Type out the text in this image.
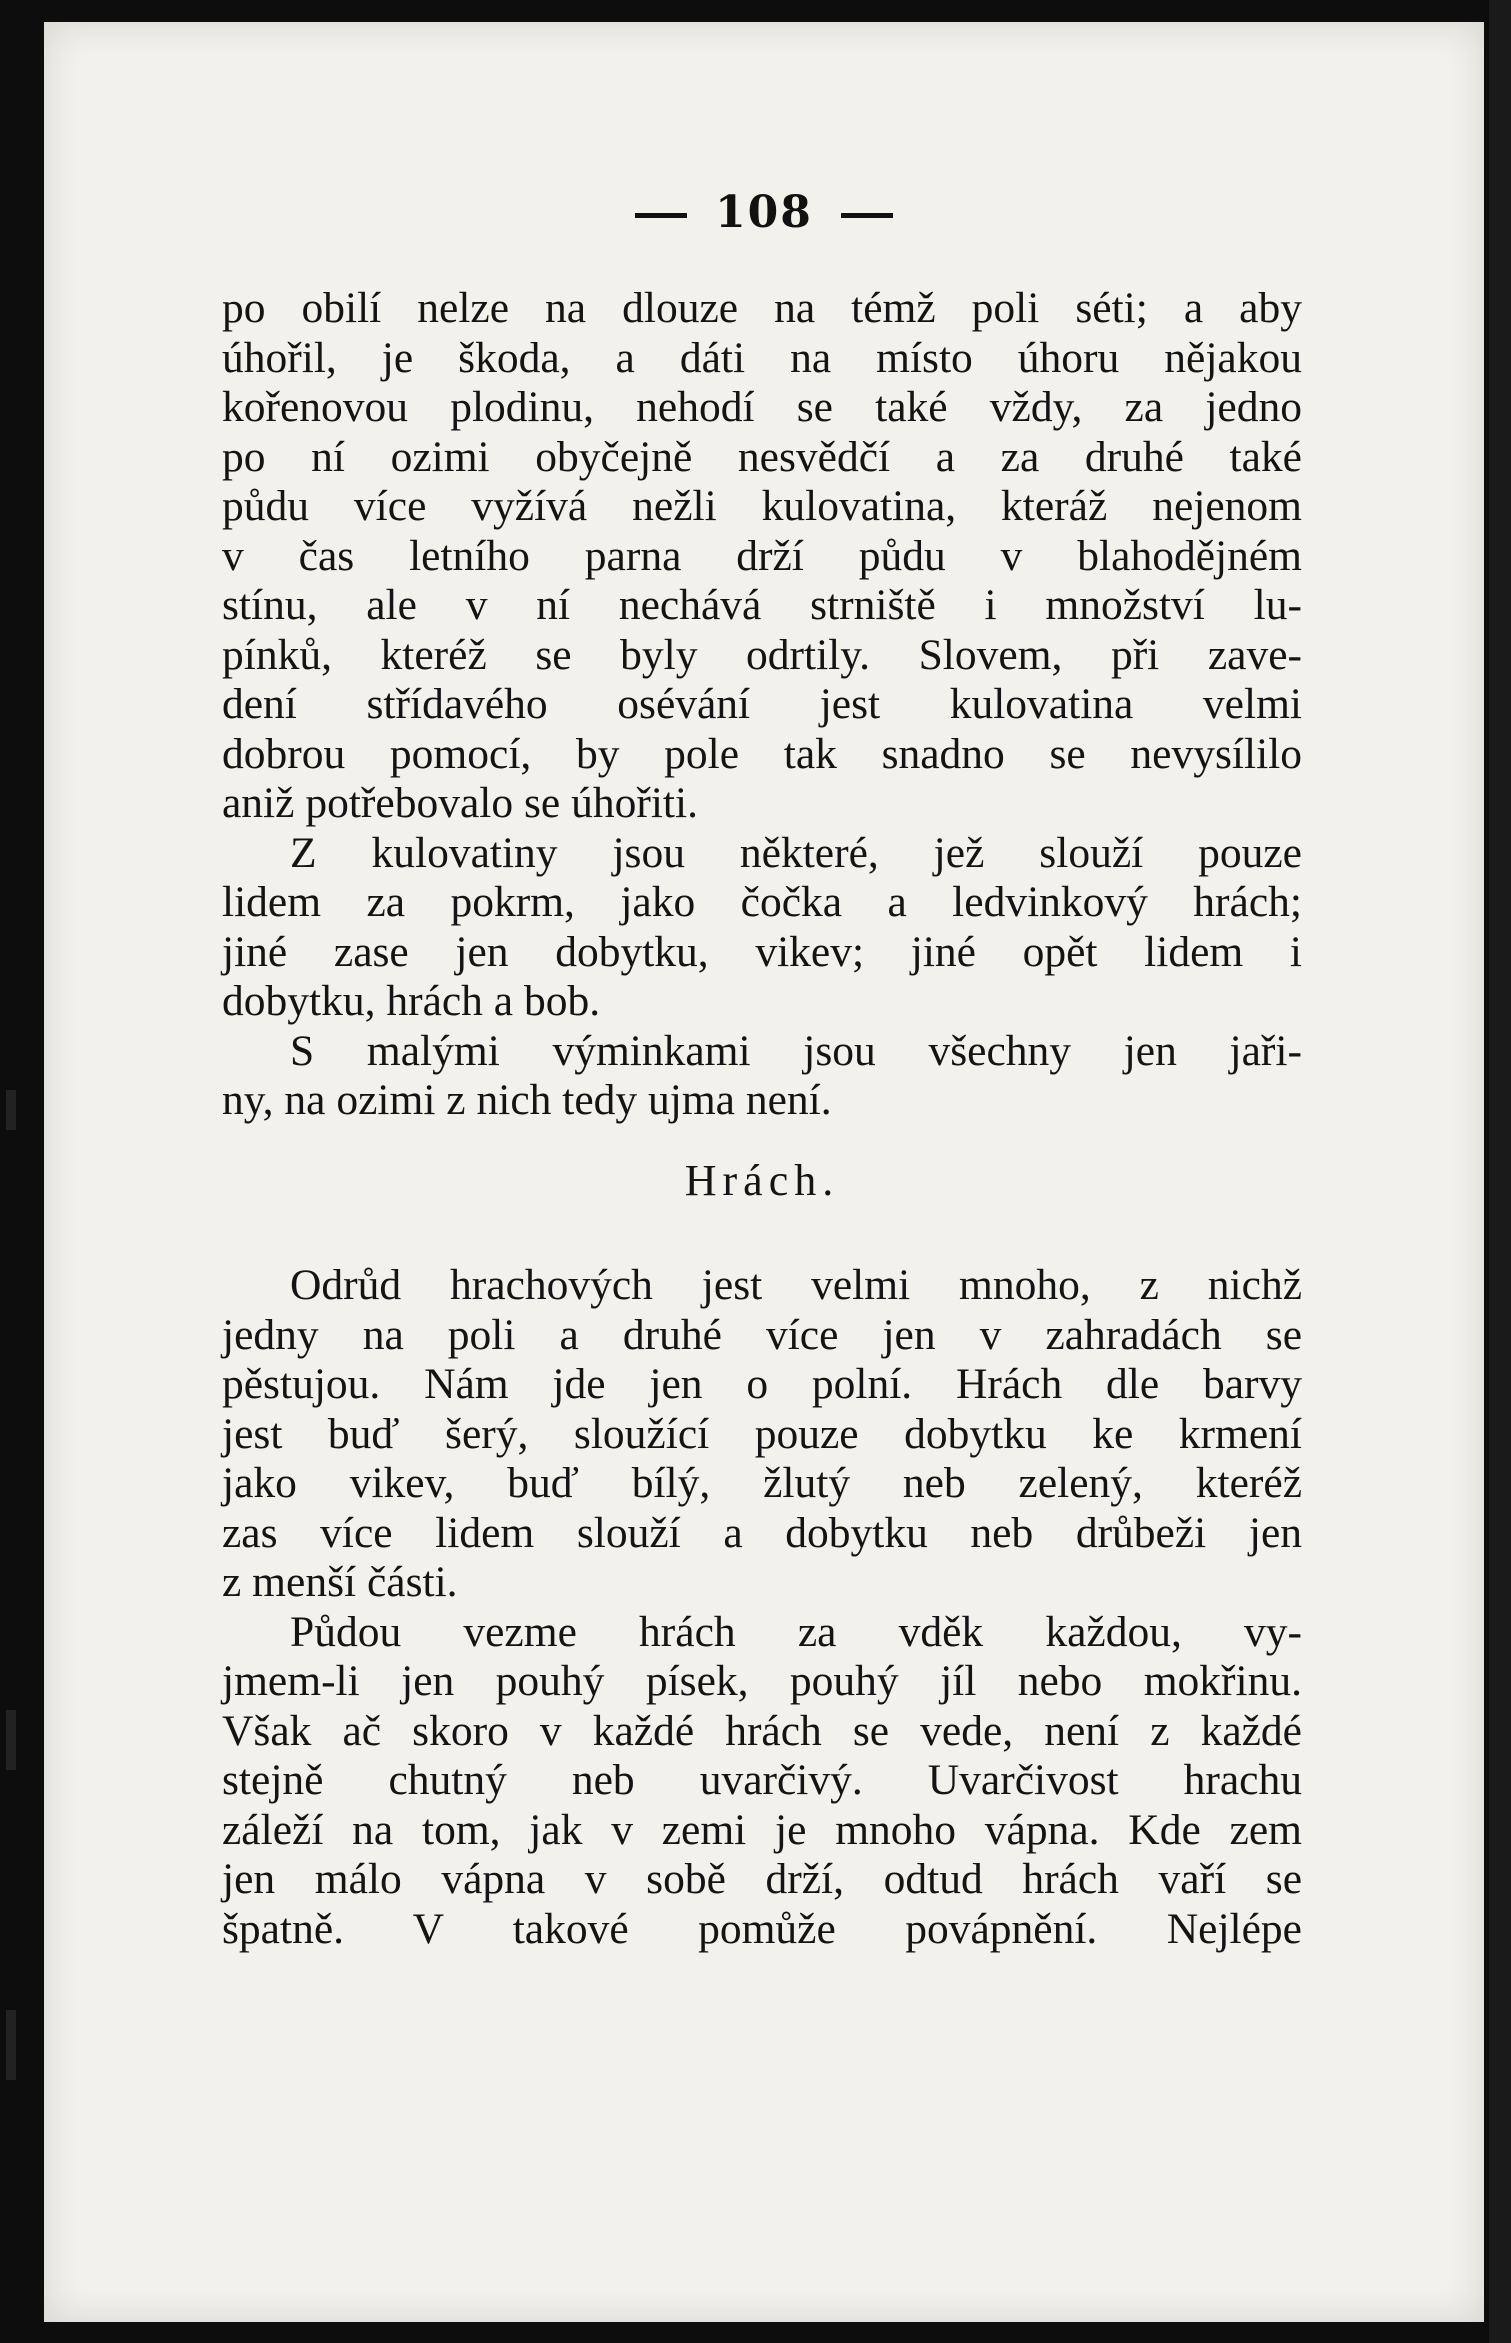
108
po obilí nelze na dlouze na témž poli séti; a aby
úhořil, je škoda, a dáti na místo úhoru nějakou
kořenovou plodinu, nehodí se také vždy, za jedno
po ní ozimi obyčejně nesvědčí a za druhé také
půdu více vyžívá nežli kulovatina, kteráž nejenom
v čas letního parna drží půdu v blahodějném
stínu, ale v ní nechává strniště i množství lu-
pínků, kteréž se byly odrtily. Slovem, při zave-
dení střídavého osévání jest kulovatina velmi
dobrou pomocí, by pole tak snadno se nevysílilo
aniž potřebovalo se úhořiti.
Z kulovatiny jsou některé, jež slouží pouze
lidem za pokrm, jako čočka a ledvinkový hrách;
jiné zase jen dobytku, vikev; jiné opět lidem i
dobytku, hrách a bob.
S malými výminkami jsou všechny jen jaři-
ny, na ozimi z nich tedy ujma není.
Hrách.
Odrůd hrachových jest velmi mnoho, z nichž
jedny na poli a druhé více jen v zahradách se
pěstujou. Nám jde jen o polní. Hrách dle barvy
jest buď šerý, sloužící pouze dobytku ke krmení
jako vikev, buď bílý, žlutý neb zelený, kteréž
zas více lidem slouží a dobytku neb drůbeži jen
z menší části.
Půdou vezme hrách za vděk každou, vy-
jmem-li jen pouhý písek, pouhý jíl nebo mokřinu.
Však ač skoro v každé hrách se vede, není z každé
stejně chutný neb uvarčivý. Uvarčivost hrachu
záleží na tom, jak v zemi je mnoho vápna. Kde zem
jen málo vápna v sobě drží, odtud hrách vaří se
špatně. V takové pomůže povápnění. Nejlépe
